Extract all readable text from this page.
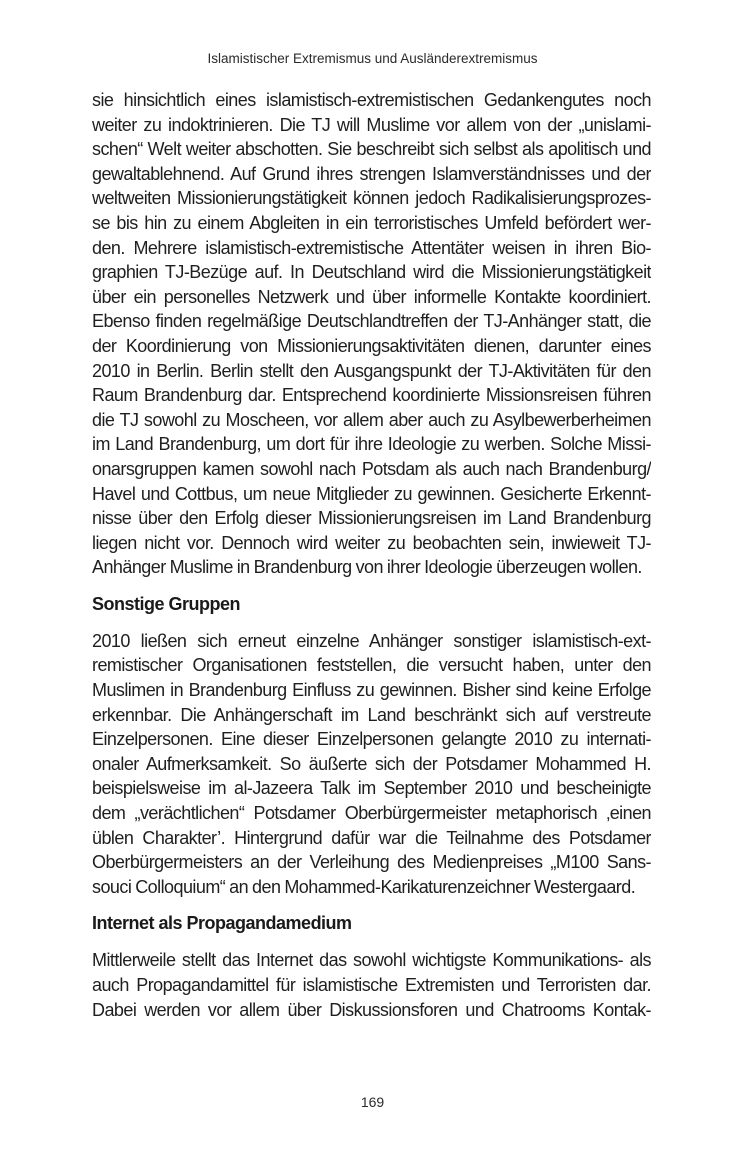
Islamistischer Extremismus und Ausländerextremismus
sie hinsichtlich eines islamistisch-extremistischen Gedankengutes noch
weiter zu indoktrinieren. Die TJ will Muslime vor allem von der „unislami-
schen“ Welt weiter abschotten. Sie beschreibt sich selbst als apolitisch und
gewaltablehnend. Auf Grund ihres strengen Islamverständnisses und der
weltweiten Missionierungstätigkeit können jedoch Radikalisierungsprozes-
se bis hin zu einem Abgleiten in ein terroristisches Umfeld befördert wer-
den. Mehrere islamistisch-extremistische Attentäter weisen in ihren Bio-
graphien TJ-Bezüge auf. In Deutschland wird die Missionierungstätigkeit
über ein personelles Netzwerk und über informelle Kontakte koordiniert.
Ebenso finden regelmäßige Deutschlandtreffen der TJ-Anhänger statt, die
der Koordinierung von Missionierungsaktivitäten dienen, darunter eines
2010 in Berlin. Berlin stellt den Ausgangspunkt der TJ-Aktivitäten für den
Raum Brandenburg dar. Entsprechend koordinierte Missionsreisen führen
die TJ sowohl zu Moscheen, vor allem aber auch zu Asylbewerberheimen
im Land Brandenburg, um dort für ihre Ideologie zu werben. Solche Missi-
onarsgruppen kamen sowohl nach Potsdam als auch nach Brandenburg/
Havel und Cottbus, um neue Mitglieder zu gewinnen. Gesicherte Erkennt-
nisse über den Erfolg dieser Missionierungsreisen im Land Brandenburg
liegen nicht vor. Dennoch wird weiter zu beobachten sein, inwieweit TJ-
Anhänger Muslime in Brandenburg von ihrer Ideologie überzeugen wollen.
Sonstige Gruppen
2010 ließen sich erneut einzelne Anhänger sonstiger islamistisch-ext-
remistischer Organisationen feststellen, die versucht haben, unter den
Muslimen in Brandenburg Einfluss zu gewinnen. Bisher sind keine Erfolge
erkennbar. Die Anhängerschaft im Land beschränkt sich auf verstreute
Einzelpersonen. Eine dieser Einzelpersonen gelangte 2010 zu internati-
onaler Aufmerksamkeit. So äußerte sich der Potsdamer Mohammed H.
beispielsweise im al-Jazeera Talk im September 2010 und bescheinigte
dem „verächtlichen“ Potsdamer Oberbürgermeister metaphorisch ‚einen
üblen Charakter’. Hintergrund dafür war die Teilnahme des Potsdamer
Oberbürgermeisters an der Verleihung des Medienpreises „M100 Sans-
souci Colloquium“ an den Mohammed-Karikaturenzeichner Westergaard.
Internet als Propagandamedium
Mittlerweile stellt das Internet das sowohl wichtigste Kommunikations- als
auch Propagandamittel für islamistische Extremisten und Terroristen dar.
Dabei werden vor allem über Diskussionsforen und Chatrooms Kontak-
169
